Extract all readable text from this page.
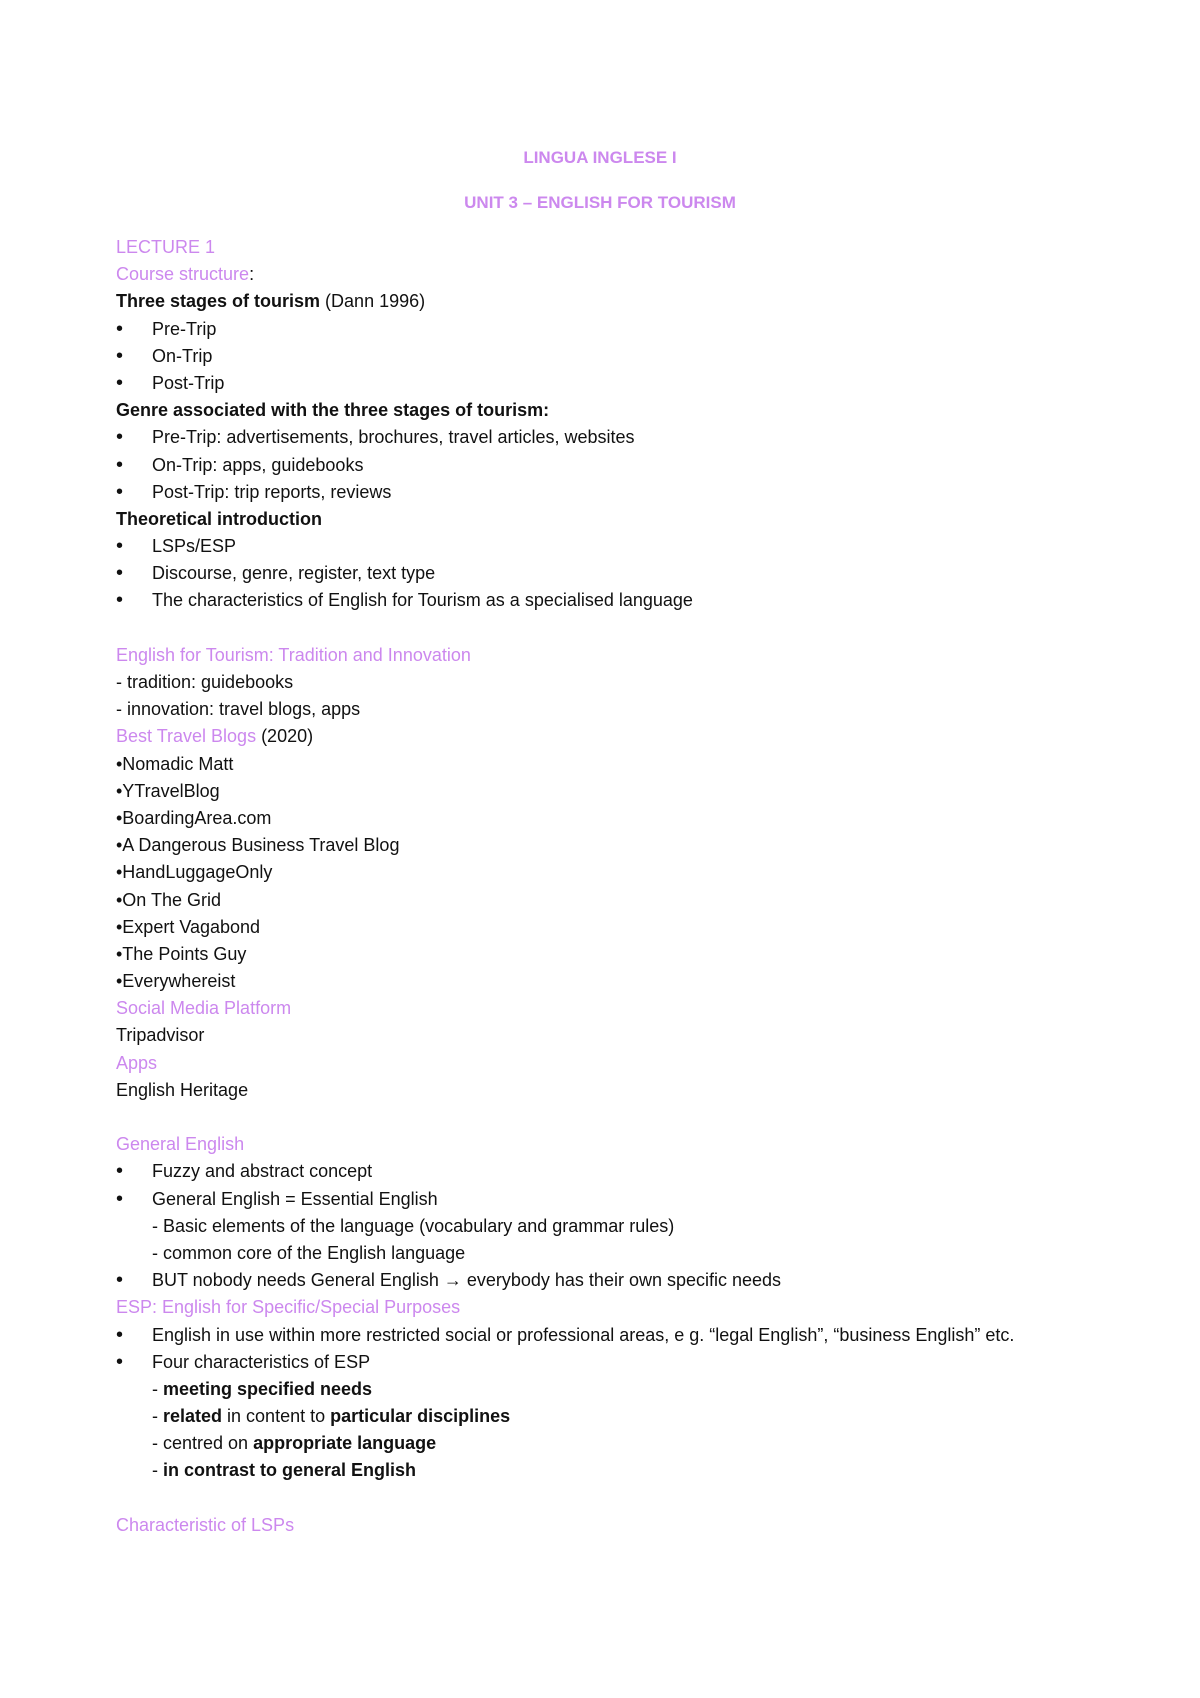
LINGUA INGLESE I
UNIT 3 – ENGLISH FOR TOURISM
LECTURE 1
Course structure:
Three stages of tourism (Dann 1996)
• Pre-Trip
• On-Trip
• Post-Trip
Genre associated with the three stages of tourism:
• Pre-Trip: advertisements, brochures, travel articles, websites
• On-Trip: apps, guidebooks
• Post-Trip: trip reports, reviews
Theoretical introduction
• LSPs/ESP
• Discourse, genre, register, text type
• The characteristics of English for Tourism as a specialised language
English for Tourism: Tradition and Innovation
- tradition: guidebooks
- innovation: travel blogs, apps
Best Travel Blogs (2020)
•Nomadic Matt
•YTravelBlog
•BoardingArea.com
•A Dangerous Business Travel Blog
•HandLuggageOnly
•On The Grid
•Expert Vagabond
•The Points Guy
•Everywhereist
Social Media Platform
Tripadvisor
Apps
English Heritage
General English
• Fuzzy and abstract concept
• General English = Essential English
- Basic elements of the language (vocabulary and grammar rules)
- common core of the English language
• BUT nobody needs General English → everybody has their own specific needs
ESP: English for Specific/Special Purposes
• English in use within more restricted social or professional areas, e g. “legal English”, “business English” etc.
• Four characteristics of ESP
- meeting specified needs
- related in content to particular disciplines
- centred on appropriate language
- in contrast to general English
Characteristic of LSPs
